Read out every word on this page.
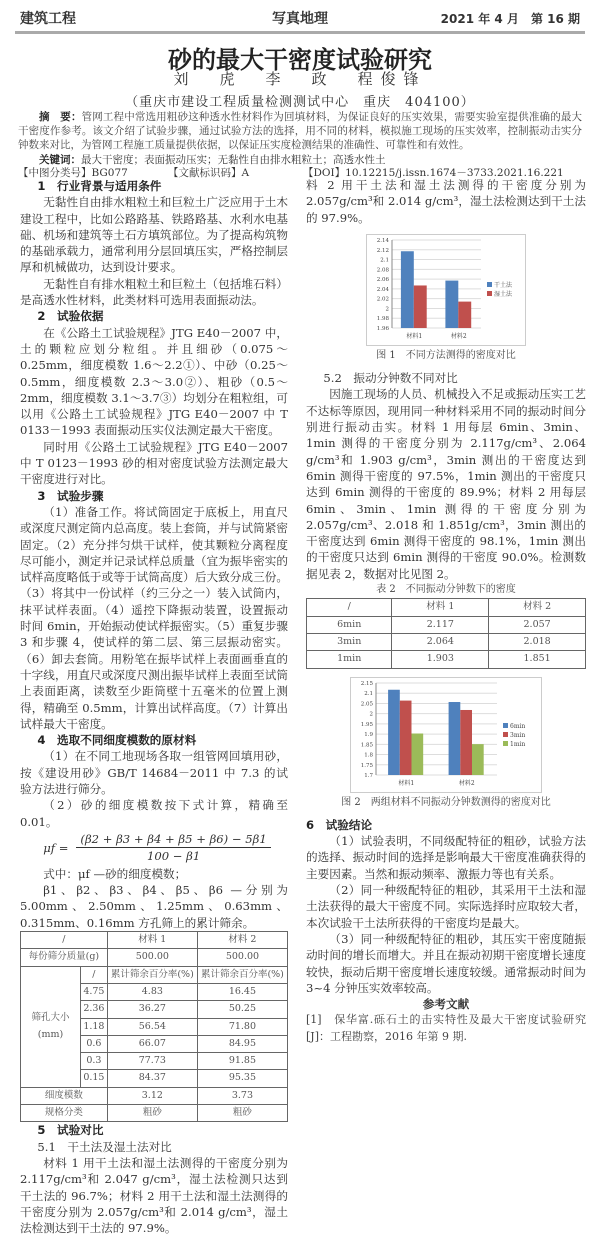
建筑工程	写真地理	2021 年 4 月　第 16 期
砂的最大干密度试验研究
刘　虎　李　政　程俊锋
（重庆市建设工程质量检测测试中心　重庆　404100）
摘　要：管网工程中常选用粗砂这种透水性材料作为回填材料，为保证良好的压实效果，需要实验室提供准确的最大干密度作参考。该文介绍了试验步骤，通过试验方法的选择，用不同的材料，模拟施工现场的压实效率，控制振动击实分钟数来对比，为管网工程施工质量提供依据，以保证压实度检测结果的准确性、可靠性和有效性。
关键词：最大干密度；表面振动压实；无黏性自由排水粗粒土；高透水性土
【中图分类号】BG077	【文献标识码】A	【DOI】10.12215/j.issn.1674－3733.2021.16.221
1　行业背景与适用条件

无黏性自由排水粗粒土和巨粒土广泛应用于土木建设工程中，比如公路路基、铁路路基、水利水电基础、机场和建筑等土石方填筑部位。为了提高构筑物的基础承载力，通常利用分层回填压实，严格控制层厚和机械做功，达到设计要求。

无黏性自有排水粗粒土和巨粒土（包括堆石料）是高透水性材料，此类材料可选用表面振动法。

2　试验依据

在《公路土工试验规程》JTG E40－2007 中，土的颗粒应划分粒组。并且细砂（0.075～0.25mm，细度模数 1.6～2.2①）、中砂（0.25～0.5mm，细度模数 2.3～3.0②）、粗砂（0.5～2mm，细度模数 3.1～3.7③）均划分在粗粒组，可以用《公路土工试验规程》JTG E40－2007 中 T 0133－1993 表面振动压实仪法测定最大干密度。

同时用《公路土工试验规程》JTG E40－2007 中 T 0123－1993 砂的相对密度试验方法测定最大干密度进行对比。

3　试验步骤

（1）准备工作。将试筒固定于底板上，用直尺或深度尺测定筒内总高度。装上套筒，并与试筒紧密固定。（2）充分拌匀烘干试样，使其颗粒分离程度尽可能小，测定并记录试样总质量（宜为振毕密实的试样高度略低于或等于试筒高度）后大致分成三份。（3）将其中一份试样（约三分之一）装入试筒内，抹平试样表面。（4）遥控下降振动装置，设置振动时间 6min，开始振动使试样振密实。（5）重复步骤 3 和步骤 4，使试样的第二层、第三层振动密实。（6）卸去套筒。用粉笔在振毕试样上表面画垂直的十字线，用直尺或深度尺测出振毕试样上表面至试筒上表面距离，读数至少距筒壁十五毫米的位置上测得，精确至 0.5mm，计算出试样高度。（7）计算出试样最大干密度。

4　选取不同细度模数的原材料

（1）在不同工地现场各取一组管网回填用砂，按《建设用砂》GB/T 14684－2011 中 7.3 的试验方法进行筛分。

（2）砂的细度模数按下式计算，精确至 0.01。

$\mu f = \frac{(\beta 2 + \beta 3 + \beta 4 + \beta 5 + \beta 6) - 5\beta 1}{100 - \beta 1}$

式中：μf —砂的细度模数；

β1、β2、β3、β4、β5、β6 —分别为 5.00mm、2.50mm、1.25mm、0.63mm、0.315mm、0.16mm 方孔筛上的累计筛余。

/		材料 1	材料 2
每份筛分质量(g)		500.00	500.00
筛孔大小(mm)	/	累计筛余百分率(%)	累计筛余百分率(%)
	4.75	4.83	16.45
	2.36	36.27	50.25
	1.18	56.54	71.80
	0.6	66.07	84.95
	0.3	77.73	91.85
	0.15	84.37	95.35
细度模数		3.12	3.73
规格分类		粗砂	粗砂
5　试验对比
5.1　干土法及湿土法对比

材料 1 用干土法和湿土法测得的干密度分别为 2.117g/cm³和 2.047 g/cm³，湿土法检测只达到干土法的 96.7%；材料 2 用干土法和湿土法测得的干密度分别为 2.057g/cm³和 2.014 g/cm³，湿土法检测达到干土法的 97.9%。

料 2 用干土法和湿土法测得的干密度分别为 2.057g/cm³和 2.014 g/cm³，湿土法检测达到干土法的 97.9%。

1.96
1.98
2
2.02
2.04
2.06
2.08
2.1
2.12
2.14
材料1	材料2
干土法
湿土法
图 1　不同方法测得的密度对比
5.2　振动分钟数不同对比

因施工现场的人员、机械投入不足或振动压实工艺不达标等原因，现用同一种材料采用不同的振动时间分别进行振动击实。材料 1 用每层 6min、3min、1min 测得的干密度分别为 2.117g/cm³、2.064 g/cm³和 1.903 g/cm³，3min 测出的干密度达到 6min 测得干密度的 97.5%，1min 测出的干密度只达到 6min 测得的干密度的 89.9%；材料 2 用每层 6min、3min、1min 测得的干密度分别为 2.057g/cm³、2.018 和 1.851g/cm³，3min 测出的干密度达到 6min 测得干密度的 98.1%，1min 测出的干密度只达到 6min 测得的干密度 90.0%。检测数据见表 2，数据对比见图 2。

表 2　不同振动分钟数下的密度
/	材料 1	材料 2
6min	2.117	2.057
3min	2.064	2.018
1min	1.903	1.851
1.7
1.75
1.8
1.85
1.9
1.95
2
2.05
2.1
2.15
材料1	材料2
6min
3min
1min
图 2　两组材料不同振动分钟数测得的密度对比
6　试验结论

（1）试验表明，不同级配特征的粗砂，试验方法的选择、振动时间的选择是影响最大干密度准确获得的主要因素。当然和振动频率、激振力等也有关系。

（2）同一种级配特征的粗砂，其采用干土法和湿土法获得的最大干密度不同。实际选择时应取较大者，本次试验干土法所获得的干密度均是最大。

（3）同一种级配特征的粗砂，其压实干密度随振动时间的增长而增大。并且在振动初期干密度增长速度较快，振动后期干密度增长速度较缓。通常振动时间为 3~4 分钟压实效率较高。

参考文献
[1]　保华富.砾石土的击实特性及最大干密度试验研究[J]：工程勘察，2016 年第 9 期.
